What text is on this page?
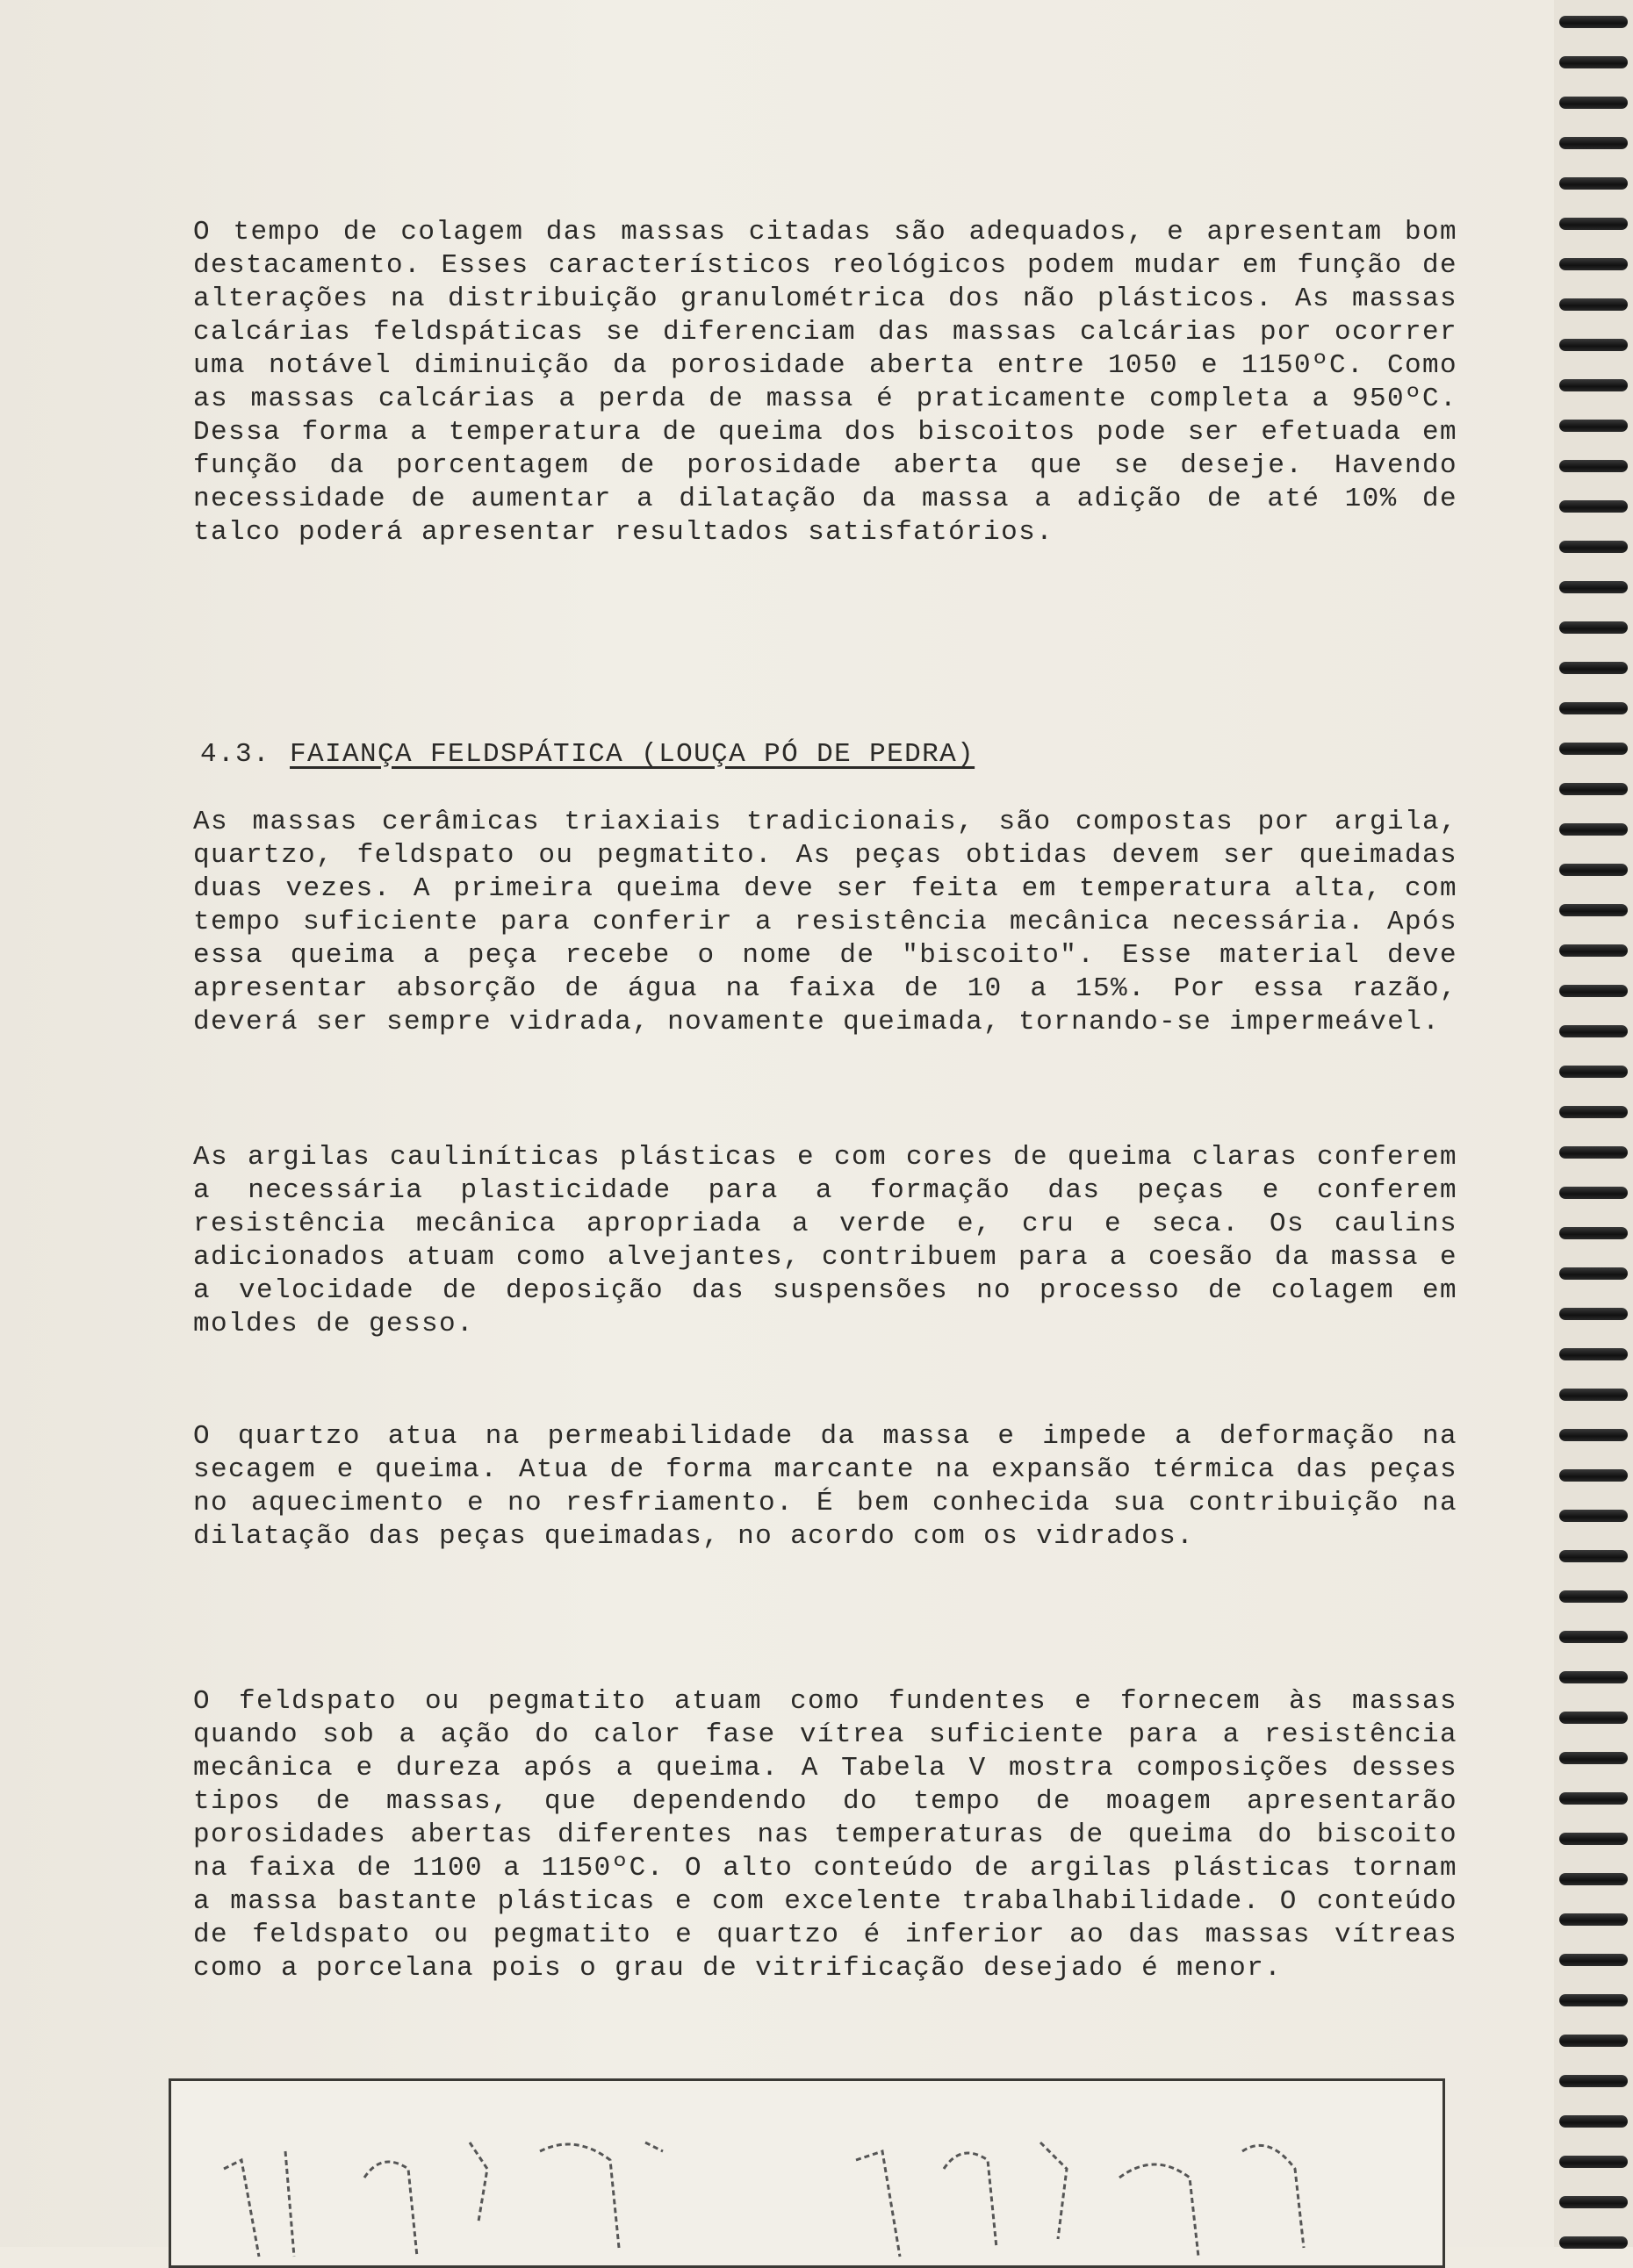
O tempo de colagem das massas citadas são adequados, e apresentam bom destacamento. Esses característicos reológicos podem mudar em função de alterações na distribuição granulométrica dos não plásticos. As massas calcárias feldspáticas se diferenciam das massas calcárias por ocorrer uma notável diminuição da porosidade aberta entre 1050 e 1150ºC. Como as massas calcárias a perda de massa é praticamente completa a 950ºC. Dessa forma a temperatura de queima dos biscoitos pode ser efetuada em função da porcentagem de porosidade aberta que se deseje. Havendo necessidade de aumentar a dilatação da massa a adição de até 10% de talco poderá apresentar resultados satisfatórios.

4.3. FAIANÇA FELDSPÁTICA (LOUÇA PÓ DE PEDRA)

As massas cerâmicas triaxiais tradicionais, são compostas por argila, quartzo, feldspato ou pegmatito. As peças obtidas devem ser queimadas duas vezes. A primeira queima deve ser feita em temperatura alta, com tempo suficiente para conferir a resistência mecânica necessária. Após essa queima a peça recebe o nome de "biscoito". Esse material deve apresentar absorção de água na faixa de 10 a 15%. Por essa razão, deverá ser sempre vidrada, novamente queimada, tornando-se impermeável.

As argilas cauliníticas plásticas e com cores de queima claras conferem a necessária plasticidade para a formação das peças e conferem resistência mecânica apropriada a verde e, cru e seca. Os caulins adicionados atuam como alvejantes, contribuem para a coesão da massa e a velocidade de deposição das suspensões no processo de colagem em moldes de gesso.

O quartzo atua na permeabilidade da massa e impede a deformação na secagem e queima. Atua de forma marcante na expansão térmica das peças no aquecimento e no resfriamento. É bem conhecida sua contribuição na dilatação das peças queimadas, no acordo com os vidrados.

O feldspato ou pegmatito atuam como fundentes e fornecem às massas quando sob a ação do calor fase vítrea suficiente para a resistência mecânica e dureza após a queima. A Tabela V mostra composições desses tipos de massas, que dependendo do tempo de moagem apresentarão porosidades abertas diferentes nas temperaturas de queima do biscoito na faixa de 1100 a 1150ºC. O alto conteúdo de argilas plásticas tornam a massa bastante plásticas e com excelente trabalhabilidade. O conteúdo de feldspato ou pegmatito e quartzo é inferior ao das massas vítreas como a porcelana pois o grau de vitrificação desejado é menor.
